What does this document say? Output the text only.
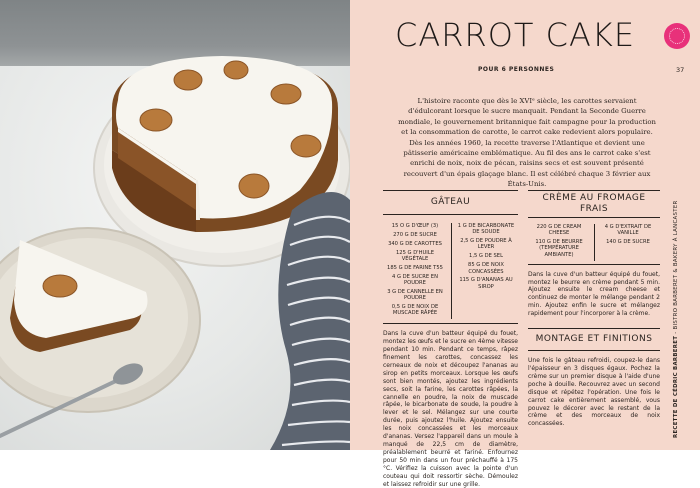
CARROT CAKE
POUR 6 PERSONNES	37

L'histoire raconte que dès le XVIᵉ siècle, les carottes servaient d'édulcorant lorsque le sucre manquait. Pendant la Seconde Guerre mondiale, le gouvernement britannique fait campagne pour la production et la consommation de carotte, le carrot cake redevient alors populaire. Dès les années 1960, la recette traverse l'Atlantique et devient une pâtisserie américaine emblématique. Au fil des ans le carrot cake s'est enrichi de noix, noix de pécan, raisins secs et est souvent présenté recouvert d'un épais glaçage blanc. Il est célébré chaque 3 février aux États-Unis.

GÂTEAU
15 O G D'ŒUF (3)
270 G DE SUCRE
340 G DE CAROTTES
125 G D'HUILE VÉGÉTALE
185 G DE FARINE T55
4 G DE SUCRE EN POUDRE
3 G DE CANNELLE EN POUDRE
0,5 G DE NOIX DE MUSCADE RÂPÉE
1 G DE BICARBONATE DE SOUDE
2,5 G DE POUDRE À LEVER
1,5 G DE SEL
85 G DE NOIX CONCASSÉES
115 G D'ANANAS AU SIROP

Dans la cuve d'un batteur équipé du fouet, montez les œufs et le sucre en 4ème vitesse pendant 10 min. Pendant ce temps, râpez finement les carottes, concassez les cerneaux de noix et découpez l'ananas au sirop en petits morceaux. Lorsque les œufs sont bien montés, ajoutez les ingrédients secs, soit la farine, les carottes râpées, la cannelle en poudre, la noix de muscade râpée, le bicarbonate de soude, la poudre à lever et le sel. Mélangez sur une courte durée, puis ajoutez l'huile. Ajoutez ensuite les noix concassées et les morceaux d'ananas. Versez l'appareil dans un moule à manqué de 22,5 cm de diamètre, préalablement beurré et fariné. Enfournez pour 50 min dans un four préchauffé à 175 °C. Vérifiez la cuisson avec la pointe d'un couteau qui doit ressortir sèche. Démoulez et laissez refroidir sur une grille.

CRÈME AU FROMAGE FRAIS
220 G DE CREAM CHEESE
110 G DE BEURRE (TEMPÉRATURE AMBIANTE)
4 G D'EXTRAIT DE VANILLE
140 G DE SUCRE

Dans la cuve d'un batteur équipé du fouet, montez le beurre en crème pendant 5 min. Ajoutez ensuite le cream cheese et continuez de monter le mélange pendant 2 min. Ajoutez enfin le sucre et mélangez rapidement pour l'incorporer à la crème.

MONTAGE ET FINITIONS

Une fois le gâteau refroidi, coupez-le dans l'épaisseur en 3 disques égaux. Pochez la crème sur un premier disque à l'aide d'une poche à douille. Recouvrez avec un second disque et répétez l'opération. Une fois le carrot cake entièrement assemblé, vous pouvez le décorer avec le restant de la crème et des morceaux de noix concassées.	RECETTE DE CÉDRIC BARBERET - BISTRO BARBERET & BAKERY À LANCASTER
